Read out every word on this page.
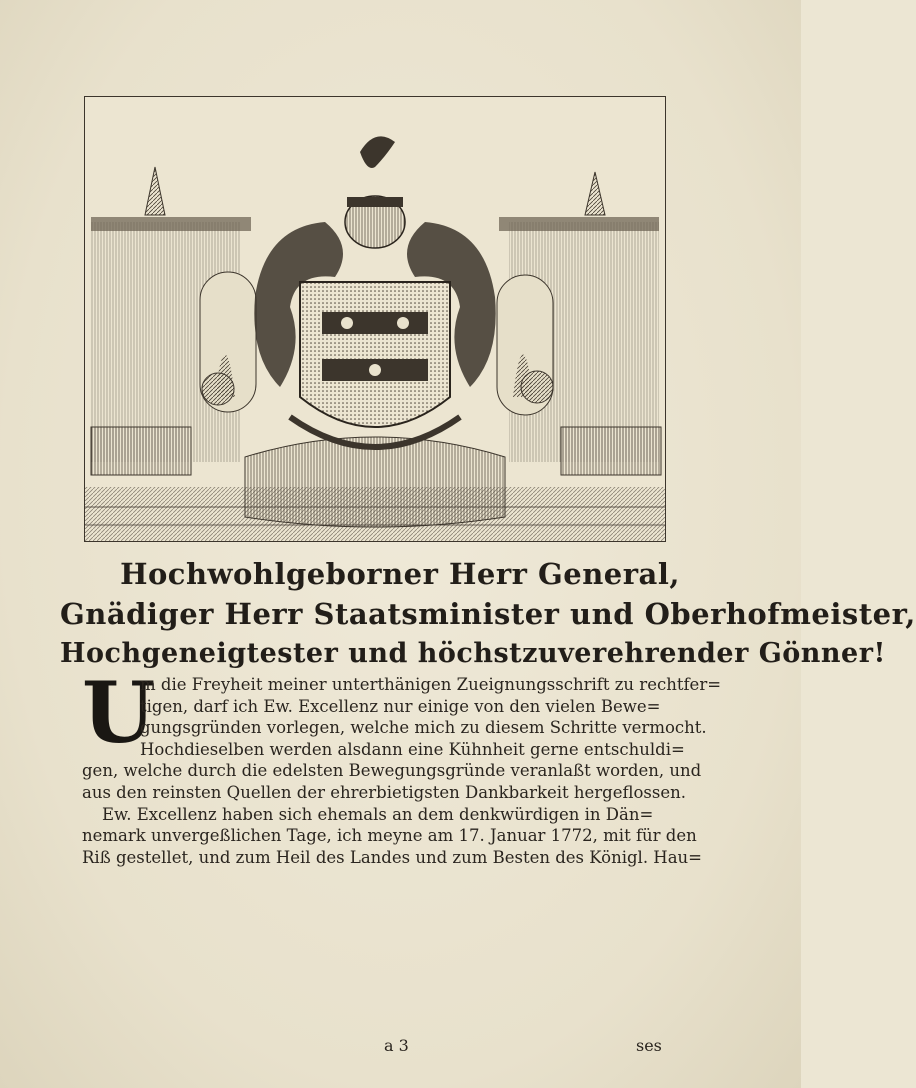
Hochwohlgeborner Herr General,
Gnädiger Herr Staatsminister und Oberhofmeister,
Hochgeneigtester und höchstzuverehrender Gönner!
U
m die Freyheit meiner unterthänigen Zueignungsschrift zu rechtfer=
tigen, darf ich Ew. Excellenz nur einige von den vielen Bewe=
gungsgründen vorlegen, welche mich zu diesem Schritte vermocht.
Hochdieselben werden alsdann eine Kühnheit gerne entschuldi=
gen, welche durch die edelsten Bewegungsgründe veranlaßt worden, und
aus den reinsten Quellen der ehrerbietigsten Dankbarkeit hergeflossen.
Ew. Excellenz haben sich ehemals an dem denkwürdigen in Dän=
nemark unvergeßlichen Tage, ich meyne am 17. Januar 1772, mit für den
Riß gestellet, und zum Heil des Landes und zum Besten des Königl. Hau=
a 3	ses
